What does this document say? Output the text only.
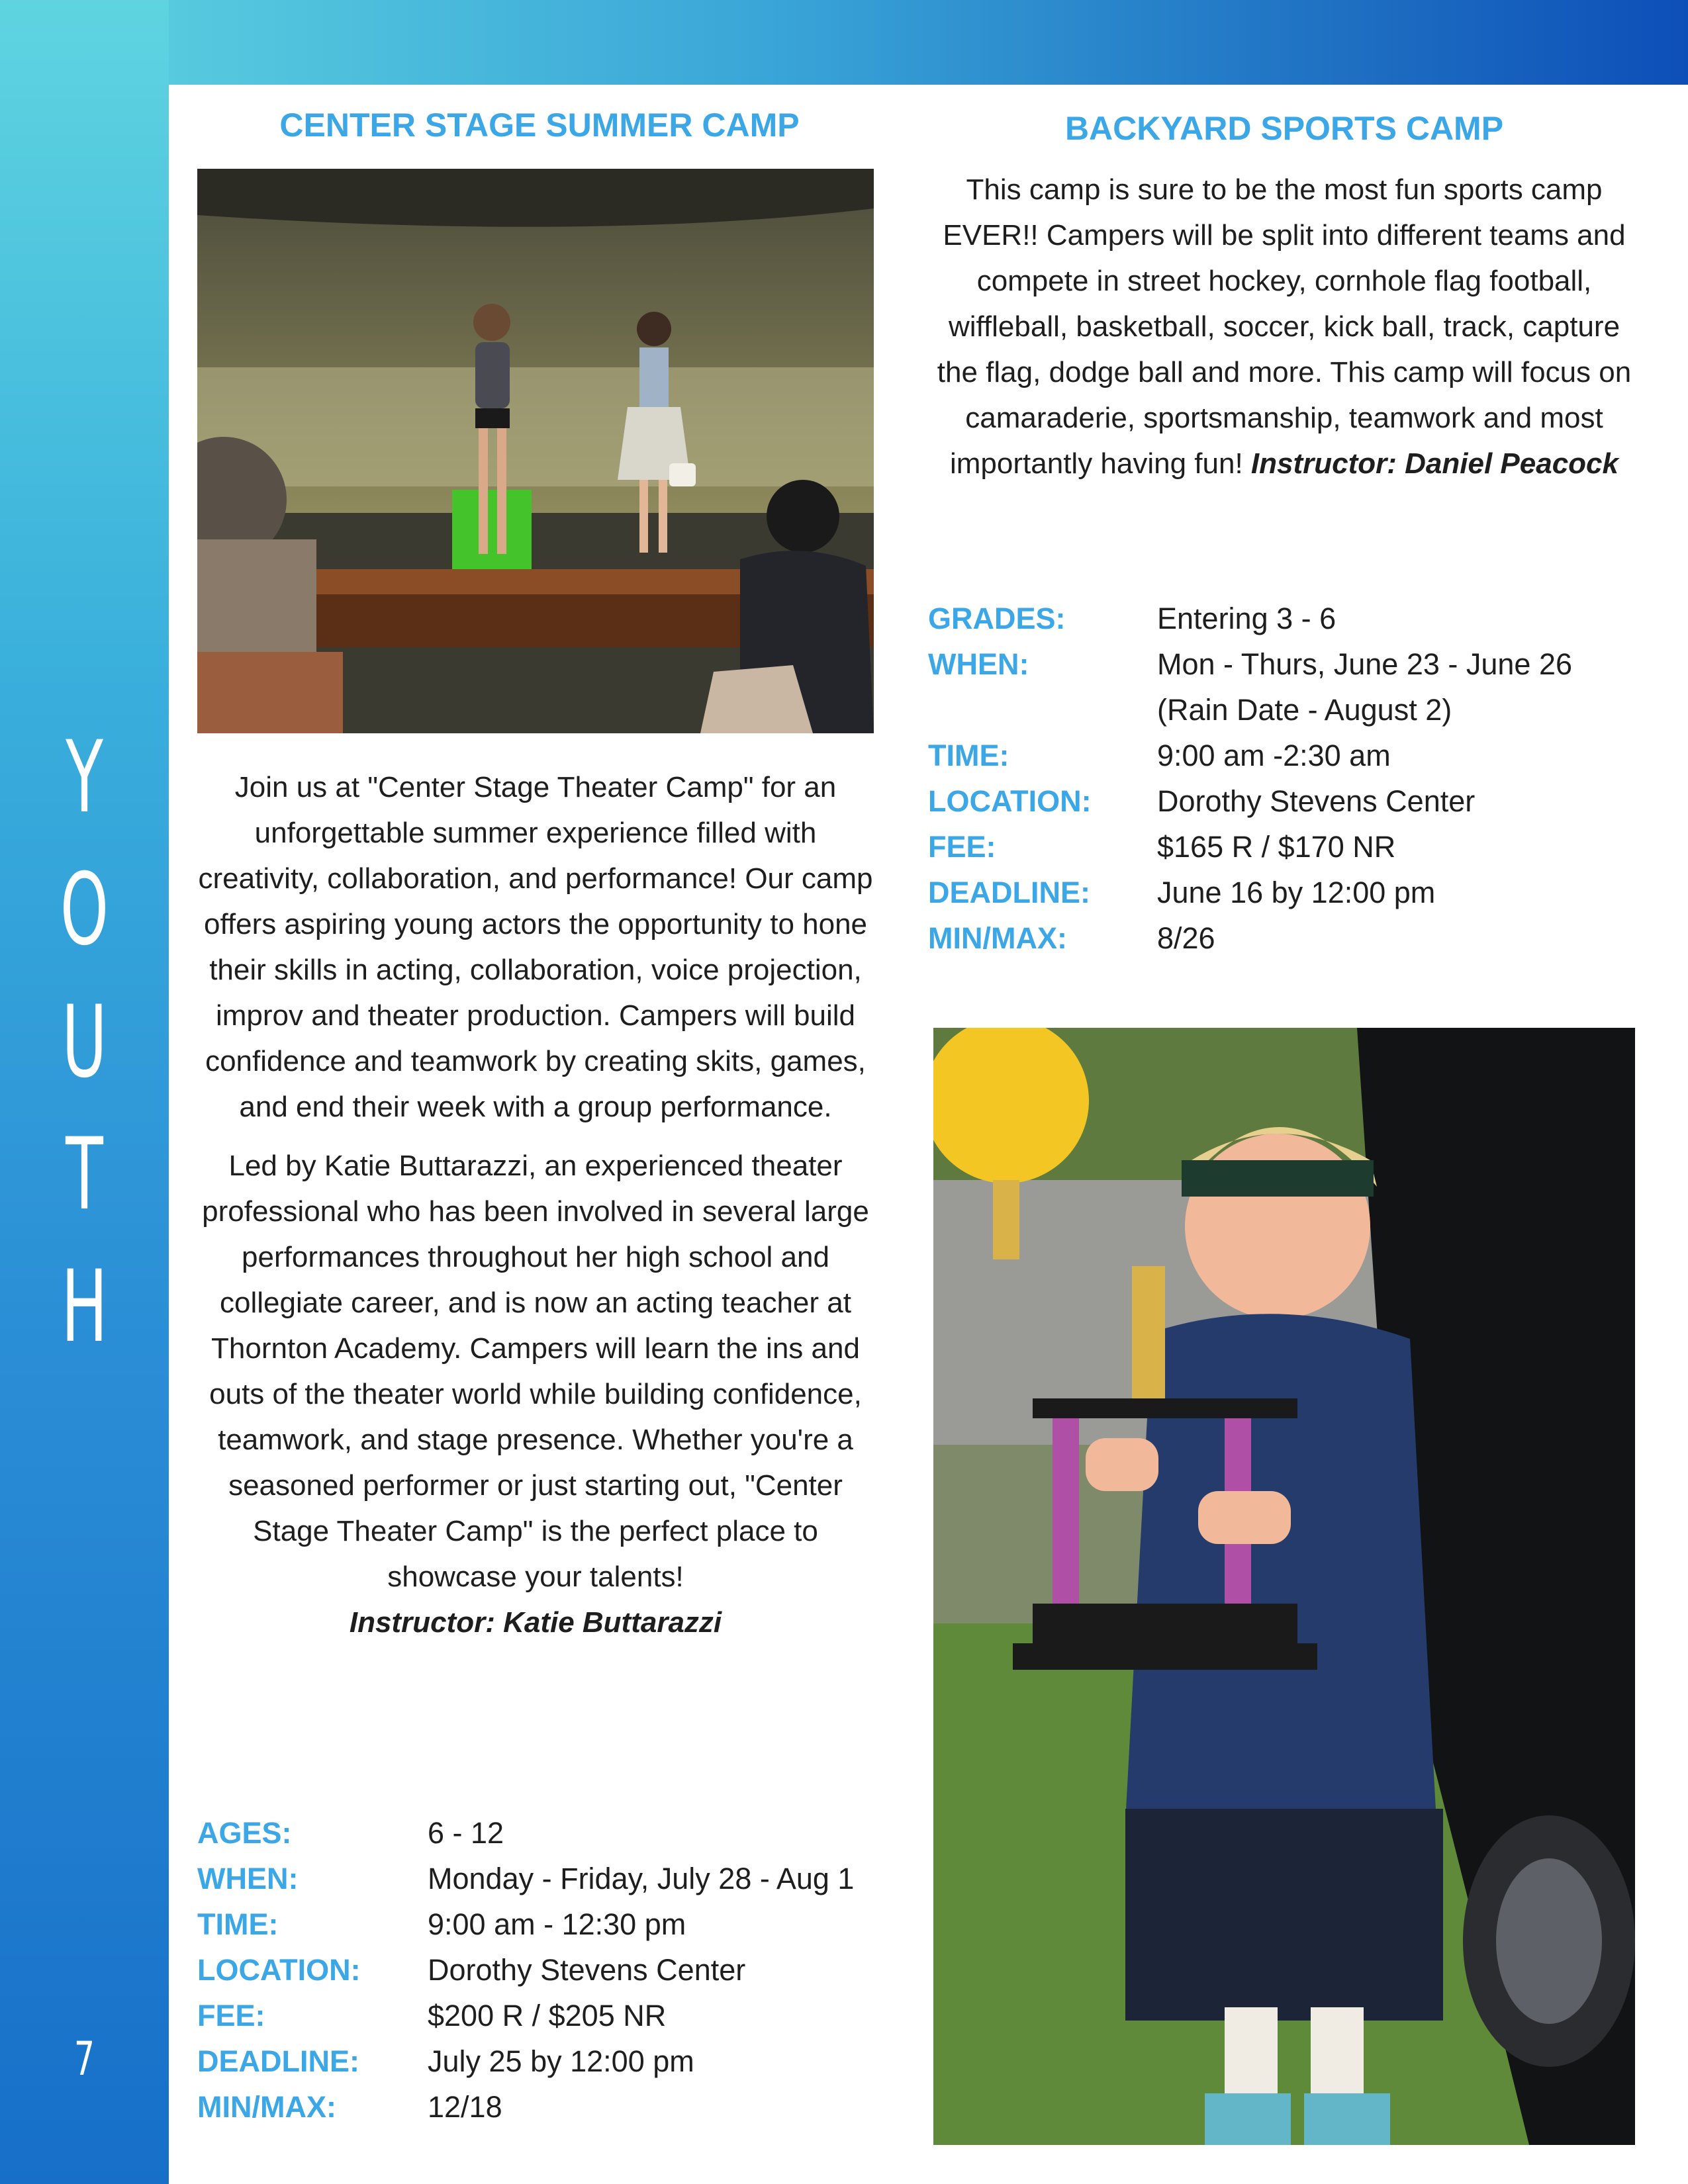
Y
O
U
T
H
7
CENTER STAGE SUMMER CAMP

Join us at "Center Stage Theater Camp" for an unforgettable summer experience filled with creativity, collaboration, and performance! Our camp offers aspiring young actors the opportunity to hone their skills in acting, collaboration, voice projection, improv and theater production. Campers will build confidence and teamwork by creating skits, games, and end their week with a group performance.

Led by Katie Buttarazzi, an experienced theater professional who has been involved in several large performances throughout her high school and collegiate career, and is now an acting teacher at Thornton Academy. Campers will learn the ins and outs of the theater world while building confidence, teamwork, and stage presence. Whether you're a seasoned performer or just starting out, "Center Stage Theater Camp" is the perfect place to showcase your talents!

Instructor: Katie Buttarazzi

AGES:	6 - 12
WHEN:	Monday - Friday, July 28 - Aug 1
TIME:	9:00 am - 12:30 pm
LOCATION:	Dorothy Stevens Center
FEE:	$200 R / $205 NR
DEADLINE:	July 25 by 12:00 pm
MIN/MAX:	12/18
BACKYARD SPORTS CAMP
This camp is sure to be the most fun sports camp EVER!! Campers will be split into different teams and compete in street hockey, cornhole flag football, wiffleball, basketball, soccer, kick ball, track, capture the flag, dodge ball and more. This camp will focus on camaraderie, sportsmanship, teamwork and most importantly having fun! Instructor: Daniel Peacock
GRADES:	Entering 3 - 6
WHEN:	Mon - Thurs, June 23 - June 26
(Rain Date - August 2)
TIME:	9:00 am -2:30 am
LOCATION:	Dorothy Stevens Center
FEE:	$165 R / $170 NR
DEADLINE:	June 16 by 12:00 pm
MIN/MAX:	8/26
